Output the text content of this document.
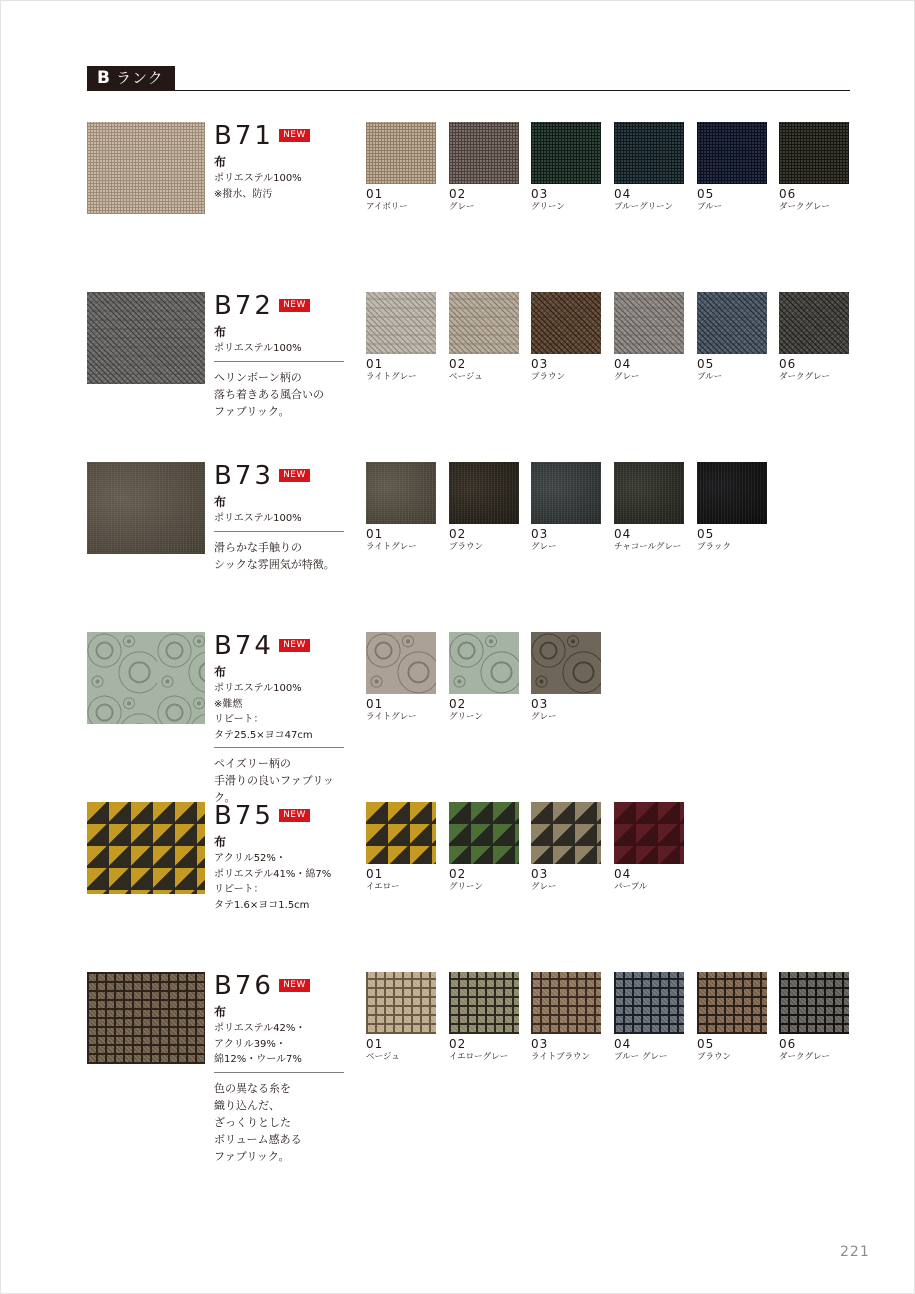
B ランク
B71	NEW
布
ポリエステル100%
※撥水、防汚	01
アイボリー
02
グレー
03
グリーン
04
ブルーグリーン
05
ブルー
06
ダークグレー
B72	NEW
布
ポリエステル100%
ヘリンボーン柄の
落ち着きある風合いの
ファブリック。
01
ライトグレー
02
ベージュ
03
ブラウン
04
グレー
05
ブルー
06
ダークグレー
B73	NEW
布
ポリエステル100%
滑らかな手触りの
シックな雰囲気が特徴。
01
ライトグレー
02
ブラウン
03
グレー
04
チャコールグレー
05
ブラック
B74	NEW
布
ポリエステル100%
※難燃
リピート：
タテ25.5×ヨコ47cm
ペイズリー柄の
手滑りの良いファブリック。
01
ライトグレー
02
グリーン
03
グレー
B75	NEW
布
アクリル52%・
ポリエステル41%・綿7%
リピート：
タテ1.6×ヨコ1.5cm
01
イエロー
02
グリーン
03
グレー
04
パープル
B76	NEW
布
ポリエステル42%・
アクリル39%・
綿12%・ウール7%
色の異なる糸を
織り込んだ、
ざっくりとした
ボリューム感ある
ファブリック。
01
ベージュ
02
イエローグレー
03
ライトブラウン
04
ブルー グレー
05
ブラウン
06
ダークグレー
221
